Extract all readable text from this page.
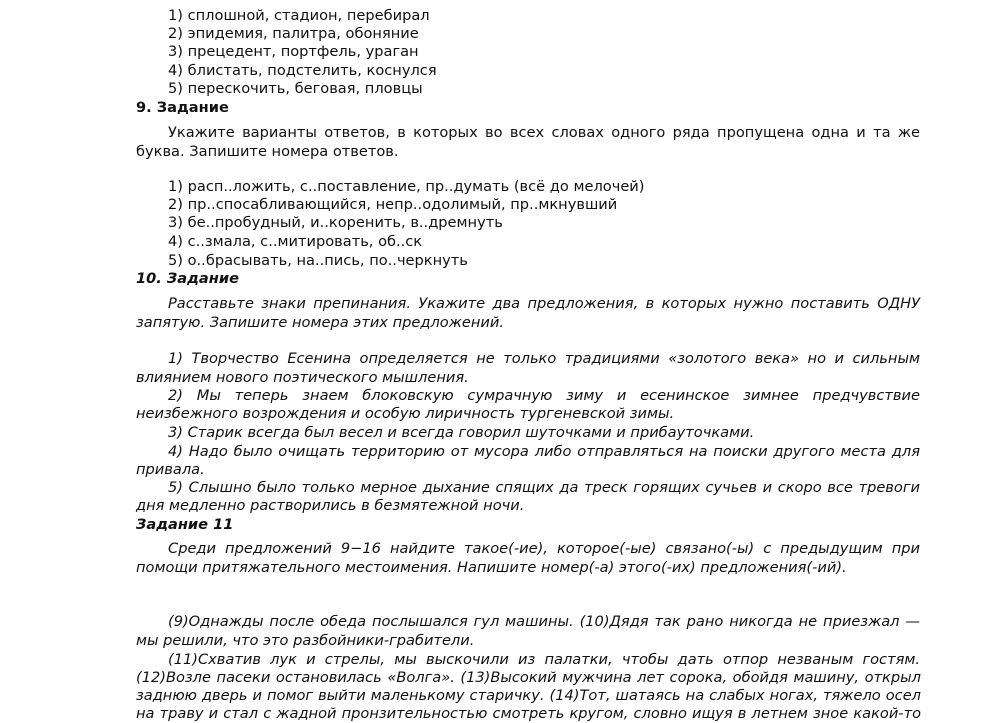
1) сплошной, стадион, перебирал
2) эпидемия, палитра, обоняние
3) прецедент, портфель, ураган
4) блистать, подстелить, коснулся
5) перескочить, беговая, пловцы
9. Задание
Укажите варианты ответов, в которых во всех словах одного ряда пропущена одна и та же
буква. Запишите номера ответов.
1) расп..ложить, с..поставление, пр..думать (всё до мелочей)
2) пр..спосабливающийся, непр..одолимый, пр..мкнувший
3) бе..пробудный, и..коренить, в..дремнуть
4) с..змала, с..митировать, об..ск
5) о..брасывать, на..пись, по..черкнуть
10. Задание
Расставьте знаки препинания. Укажите два предложения, в которых нужно поставить ОДНУ
запятую. Запишите номера этих предложений.
1) Творчество Есенина определяется не только традициями «золотого века» но и сильным
влиянием нового поэтического мышления.
2) Мы теперь знаем блоковскую сумрачную зиму и есенинское зимнее предчувствие
неизбежного возрождения и особую лиричность тургеневской зимы.
3) Старик всегда был весел и всегда говорил шуточками и прибауточками.
4) Надо было очищать территорию от мусора либо отправляться на поиски другого места для
привала.
5) Слышно было только мерное дыхание спящих да треск горящих сучьев и скоро все тревоги
дня медленно растворились в безмятежной ночи.
Задание 11
Среди предложений 9−16 найдите такое(-ие), которое(-ые) связано(-ы) с предыдущим при
помощи притяжательного местоимения. Напишите номер(-а) этого(-их) предложения(-ий).
(9)Однажды после обеда послышался гул машины. (10)Дядя так рано никогда не приезжал —
мы решили, что это разбойники-грабители.
(11)Схватив лук и стрелы, мы выскочили из палатки, чтобы дать отпор незваным гостям.
(12)Возле пасеки остановилась «Волга». (13)Высокий мужчина лет сорока, обойдя машину, открыл
заднюю дверь и помог выйти маленькому старичку. (14)Тот, шатаясь на слабых ногах, тяжело осел
на траву и стал с жадной пронзительностью смотреть кругом, словно ищуя в летнем зное какой-то
